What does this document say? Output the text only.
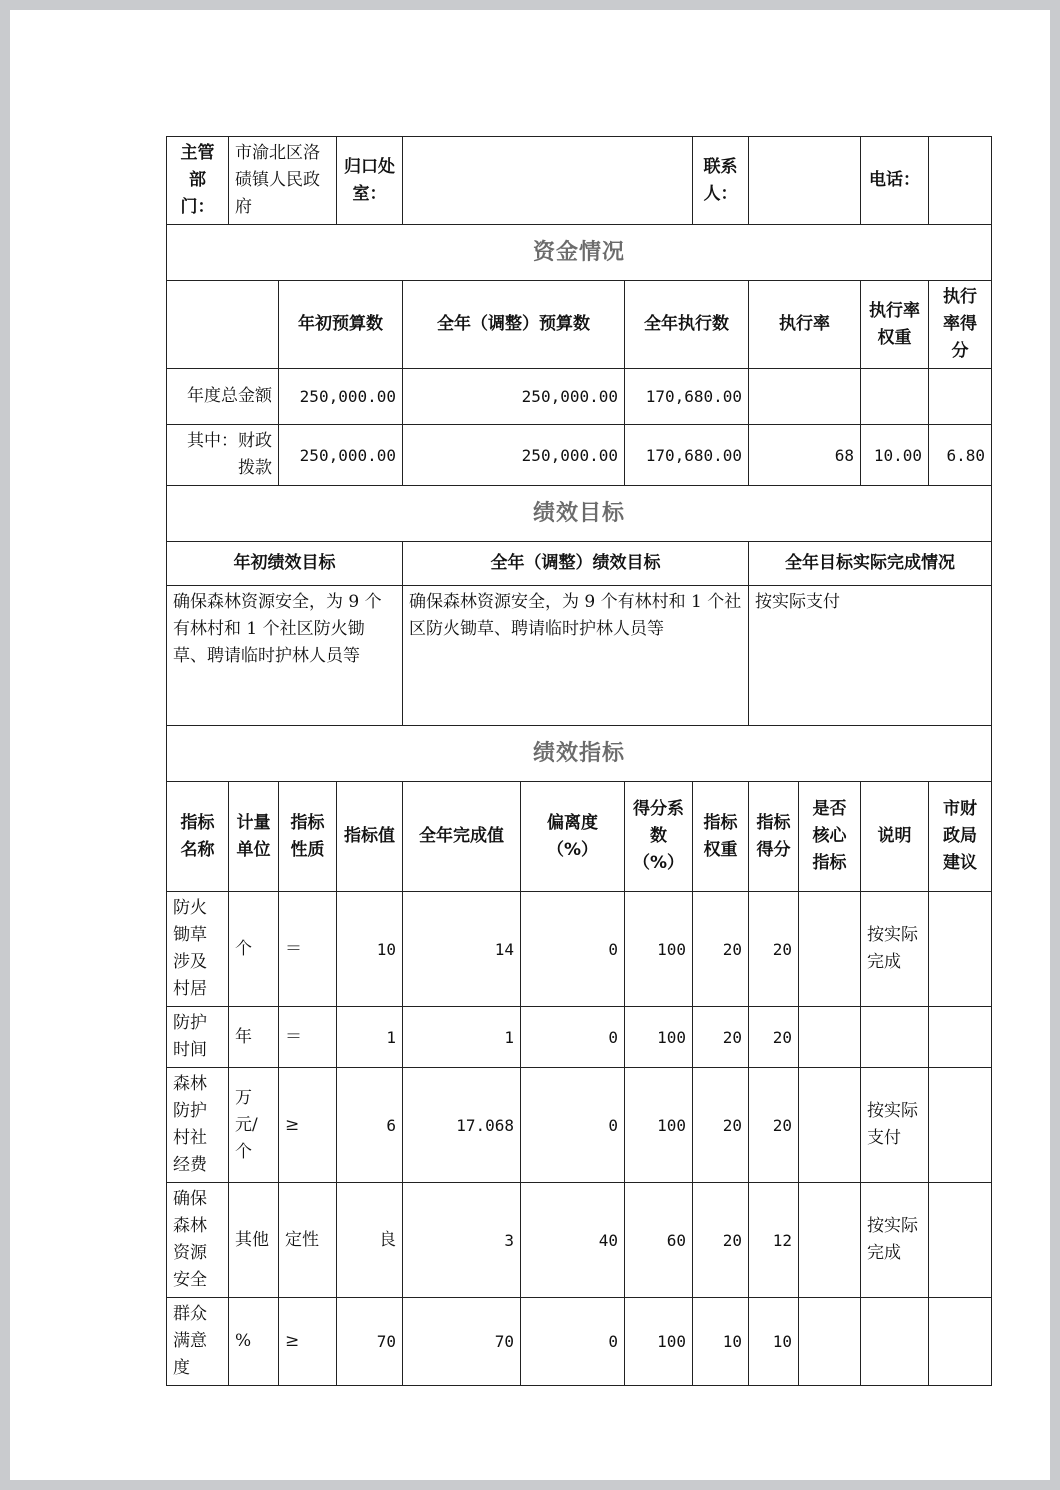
主管部门：	市渝北区洛碛镇人民政府		归口处室：				联系人：			电话：	
资金情况											
		年初预算数		全年（调整）预算数		全年执行数		执行率		执行率权重	执行率得分
年度总金额		250,000.00		250,000.00		170,680.00					
其中：财政拨款		250,000.00		250,000.00		170,680.00		68		10.00	6.80
绩效目标											
年初绩效目标				全年（调整）绩效目标				全年目标实际完成情况			
确保森林资源安全，为 9 个有林村和 1 个社区防火锄草、聘请临时护林人员等				确保森林资源安全，为 9 个有林村和 1 个社区防火锄草、聘请临时护林人员等				按实际支付			
绩效指标											
指标名称	计量单位	指标性质	指标值	全年完成值	偏离度（%）	得分系数（%）	指标权重	指标得分	是否核心指标	说明	市财政局建议
防火锄草涉及村居	个	＝	10	14	0	100	20	20		按实际完成	
防护时间	年	＝	1	1	0	100	20	20			
森林防护村社经费	万元/个	≥	6	17.068	0	100	20	20		按实际支付	
确保森林资源安全	其他	定性	良	3	40	60	20	12		按实际完成	
群众满意度	%	≥	70	70	0	100	10	10			
